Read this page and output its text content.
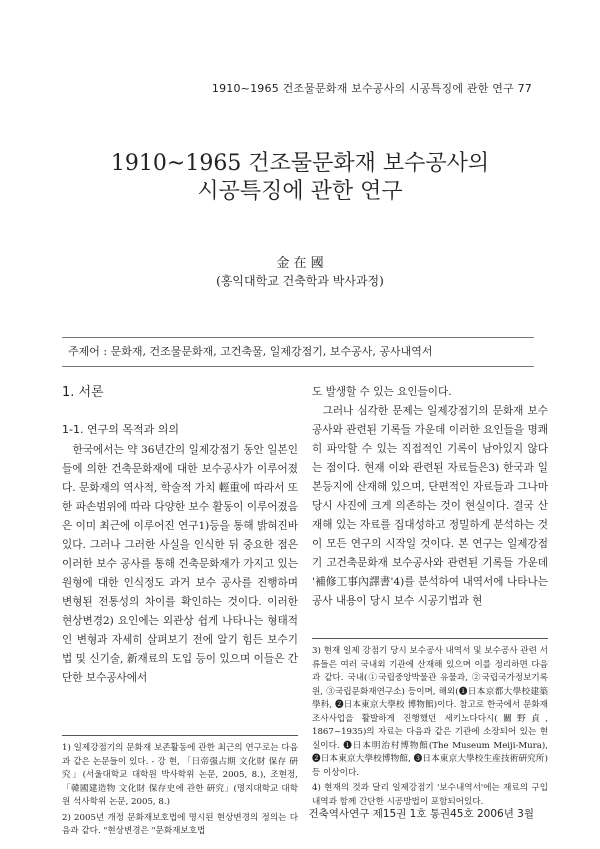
1910~1965 건조물문화재 보수공사의 시공특징에 관한 연구 77
1910~1965 건조물문화재 보수공사의
시공특징에 관한 연구
金 在 國
(홍익대학교 건축학과 박사과정)
주제어 : 문화재, 건조물문화재, 고건축물, 일제강점기, 보수공사, 공사내역서
1. 서론
1-1. 연구의 목적과 의의

한국에서는 약 36년간의 일제강점기 동안 일본인들에 의한 건축문화재에 대한 보수공사가 이루어졌다. 문화재의 역사적, 학술적 가치 輕重에 따라서 또한 파손범위에 따라 다양한 보수 활동이 이루어졌음은 이미 최근에 이루어진 연구1)등을 통해 밝혀진바 있다. 그러나 그러한 사실을 인식한 뒤 중요한 점은 이러한 보수 공사를 통해 건축문화재가 가지고 있는 원형에 대한 인식정도 과거 보수 공사를 진행하며 변형된 전통성의 차이를 확인하는 것이다. 이러한 현상변경2) 요인에는 외관상 쉽게 나타나는 형태적인 변형과 자세히 살펴보기 전에 알기 힘든 보수기법 및 신기술, 新재료의 도입 등이 있으며 이들은 간단한 보수공사에서

도 발생할 수 있는 요인들이다.

그러나 심각한 문제는 일제강점기의 문화재 보수공사와 관련된 기록들 가운데 이러한 요인들을 명쾌히 파악할 수 있는 직접적인 기록이 남아있지 않다는 점이다. 현재 이와 관련된 자료들은3) 한국과 일본등지에 산재해 있으며, 단편적인 자료들과 그나마 당시 사진에 크게 의존하는 것이 현실이다. 결국 산재해 있는 자료를 집대성하고 정밀하게 분석하는 것이 모든 연구의 시작일 것이다. 본 연구는 일제강점기 고건축문화재 보수공사와 관련된 기록들 가운데 '補修工事內譯書'4)를 분석하여 내역서에 나타나는 공사 내용이 당시 보수 시공기법과 현

1) 일제강점기의 문화재 보존활동에 관한 최근의 연구로는 다음과 같은 논문들이 있다. - 강 현, 「日帝强占期 文化財 保存 硏究」(서울대학교 대학원 박사학위 논문, 2005, 8.), 조현정, 「韓國建造物 文化財 保存史에 관한 硏究」(명지대학교 대학원 석사학위 논문, 2005, 8.)

2) 2005년 개정 문화재보호법에 명시된 현상변경의 정의는 다음과 같다. "현상변경은 "문화재보호법

3) 현재 일제 강점기 당시 보수공사 내역서 및 보수공사 관련 서류들은 여러 국내외 기관에 산재해 있으며 이를 정리하면 다음과 같다. 국내(①국립중앙박물관 유물과, ②국립국가정보기록원, ③국립문화재연구소) 등이며, 해외(❶日本京都大學校建築學科, ❷日本東京大學校 博物館)이다. 참고로 한국에서 문화재 조사사업을 활발하게 진행했던 세키노다다시(關野貞, 1867~1935)의 자료는 다음과 같은 기관에 소장되어 있는 현실이다. ❶日本明治村博物館(The Museum Meiji-Mura), ❷日本東京大學校博物館, ❸日本東京大學校生産技術硏究所) 등 이상이다.

4) 현재의 것과 달리 일제강점기 '보수내역서'에는 재료의 구입내역과 함께 간단한 시공방법이 포함되어있다.

건축역사연구 제15권 1호 통권45호 2006년 3월
